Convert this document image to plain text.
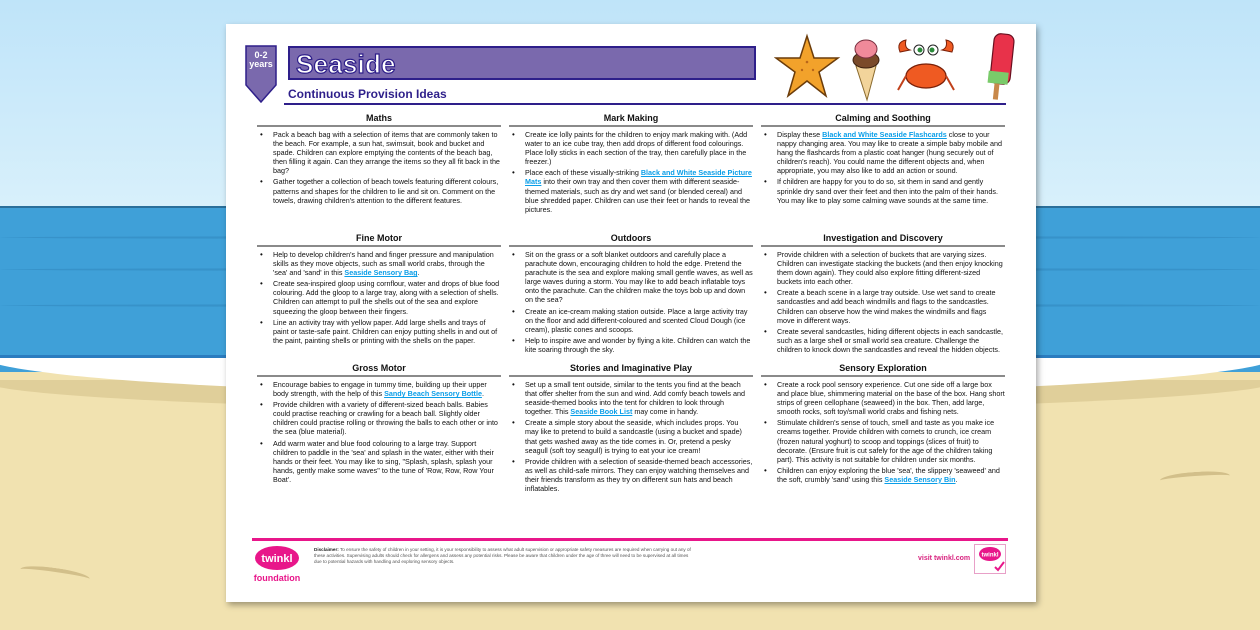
0-2
years Seaside
Continuous Provision Ideas
Maths
• Pack a beach bag with a selection of items that are commonly taken to the beach. For example, a sun hat, swimsuit, book and bucket and spade. Children can explore emptying the contents of the beach bag, then filling it again. Can they arrange the items so they all fit back in the bag?
• Gather together a collection of beach towels featuring different colours, patterns and shapes for the children to lie and sit on. Comment on the towels, drawing children's attention to the different features.
Mark Making
• Create ice lolly paints for the children to enjoy mark making with. (Add water to an ice cube tray, then add drops of different food colourings. Place lolly sticks in each section of the tray, then carefully place in the freezer.)
• Place each of these visually-striking Black and White Seaside Picture Mats into their own tray and then cover them with different seaside-themed materials, such as dry and wet sand (or blended cereal) and blue shredded paper. Children can use their feet or hands to reveal the pictures.
Calming and Soothing
• Display these Black and White Seaside Flashcards close to your nappy changing area. You may like to create a simple baby mobile and hang the flashcards from a plastic coat hanger (hung securely out of children's reach). You could name the different objects and, when appropriate, you may also like to add an action or sound.
• If children are happy for you to do so, sit them in sand and gently sprinkle dry sand over their feet and then into the palm of their hands. You may like to play some calming wave sounds at the same time.
Fine Motor
• Help to develop children's hand and finger pressure and manipulation skills as they move objects, such as small world crabs, through the 'sea' and 'sand' in this Seaside Sensory Bag.
• Create sea-inspired gloop using cornflour, water and drops of blue food colouring. Add the gloop to a large tray, along with a selection of shells. Children can attempt to pull the shells out of the sea and explore squeezing the gloop between their fingers.
• Line an activity tray with yellow paper. Add large shells and trays of paint or taste-safe paint. Children can enjoy putting shells in and out of the paint, painting shells or printing with the shells on the paper.
Outdoors
• Sit on the grass or a soft blanket outdoors and carefully place a parachute down, encouraging children to hold the edge. Pretend the parachute is the sea and explore making small gentle waves, as well as large waves during a storm. You may like to add beach inflatable toys onto the parachute. Can the children make the toys bob up and down on the sea?
• Create an ice-cream making station outside. Place a large activity tray on the floor and add different-coloured and scented Cloud Dough (ice cream), plastic cones and scoops.
• Help to inspire awe and wonder by flying a kite. Children can watch the kite soaring through the sky.
Investigation and Discovery
• Provide children with a selection of buckets that are varying sizes. Children can investigate stacking the buckets (and then enjoy knocking them down again). They could also explore fitting different-sized buckets into each other.
• Create a beach scene in a large tray outside. Use wet sand to create sandcastles and add beach windmills and flags to the sandcastles. Children can observe how the wind makes the windmills and flags move in different ways.
• Create several sandcastles, hiding different objects in each sandcastle, such as a large shell or small world sea creature. Challenge the children to knock down the sandcastles and reveal the hidden objects.
Gross Motor
• Encourage babies to engage in tummy time, building up their upper body strength, with the help of this Sandy Beach Sensory Bottle.
• Provide children with a variety of different-sized beach balls. Babies could practise reaching or crawling for a beach ball. Slightly older children could practise rolling or throwing the balls to each other or into the sea (blue material).
• Add warm water and blue food colouring to a large tray. Support children to paddle in the 'sea' and splash in the water, either with their hands or their feet. You may like to sing, "Splash, splash, splash your hands, gently make some waves" to the tune of 'Row, Row, Row Your Boat'.
Stories and Imaginative Play
• Set up a small tent outside, similar to the tents you find at the beach that offer shelter from the sun and wind. Add comfy beach towels and seaside-themed books into the tent for children to look through together. This Seaside Book List may come in handy.
• Create a simple story about the seaside, which includes props. You may like to pretend to build a sandcastle (using a bucket and spade) that gets washed away as the tide comes in. Or, pretend a pesky seagull (soft toy seagull) is trying to eat your ice cream!
• Provide children with a selection of seaside-themed beach accessories, as well as child-safe mirrors. They can enjoy watching themselves and their friends transform as they try on different sun hats and beach inflatables.
Sensory Exploration
• Create a rock pool sensory experience. Cut one side off a large box and place blue, shimmering material on the base of the box. Hang short strips of green cellophane (seaweed) in the box. Then, add large, smooth rocks, soft toy/small world crabs and fishing nets.
• Stimulate children's sense of touch, smell and taste as you make ice creams together. Provide children with cornets to crunch, ice cream (frozen natural yoghurt) to scoop and toppings (slices of fruit) to decorate. (Ensure fruit is cut safely for the age of the children taking part). This activity is not suitable for children under six months.
• Children can enjoy exploring the blue 'sea', the slippery 'seaweed' and the soft, crumbly 'sand' using this Seaside Sensory Bin.
twinkl
foundation
Disclaimer: To ensure the safety of children in your setting, it is your responsibility to assess what adult supervision or appropriate safety measures are required when carrying out any of these activities. Supervising adults should check for allergens and assess any potential risks. Please be aware that children under the age of three will need to be supervised at all times due to potential hazards with handling and exploring sensory objects.	visit twinkl.com twinkl
